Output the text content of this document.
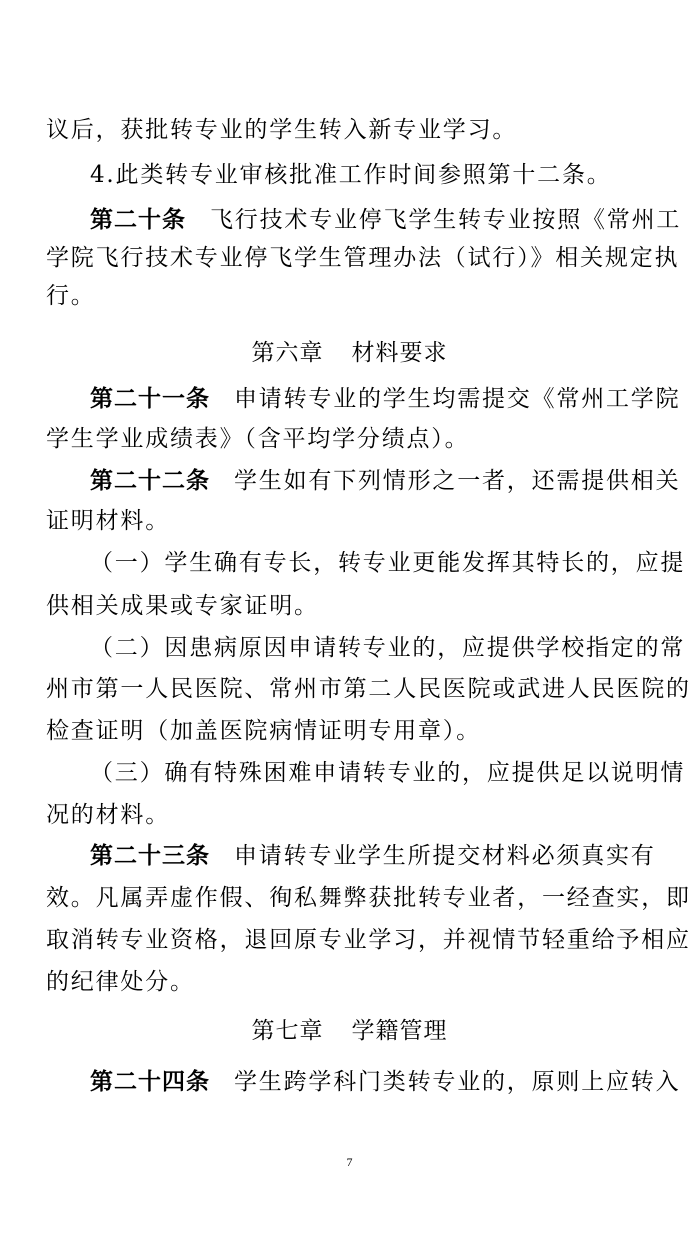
议后，获批转专业的学生转入新专业学习。
4.此类转专业审核批准工作时间参照第十二条。
第二十条 飞行技术专业停飞学生转专业按照《常州工
学院飞行技术专业停飞学生管理办法（试行）》相关规定执
行。
第六章 材料要求
第二十一条 申请转专业的学生均需提交《常州工学院
学生学业成绩表》（含平均学分绩点）。
第二十二条 学生如有下列情形之一者，还需提供相关
证明材料。
（一）学生确有专长，转专业更能发挥其特长的，应提
供相关成果或专家证明。
（二）因患病原因申请转专业的，应提供学校指定的常
州市第一人民医院、常州市第二人民医院或武进人民医院的
检查证明（加盖医院病情证明专用章）。
（三）确有特殊困难申请转专业的，应提供足以说明情
况的材料。
第二十三条 申请转专业学生所提交材料必须真实有
效。凡属弄虚作假、徇私舞弊获批转专业者，一经查实，即
取消转专业资格，退回原专业学习，并视情节轻重给予相应
的纪律处分。
第七章 学籍管理
第二十四条 学生跨学科门类转专业的，原则上应转入
7
